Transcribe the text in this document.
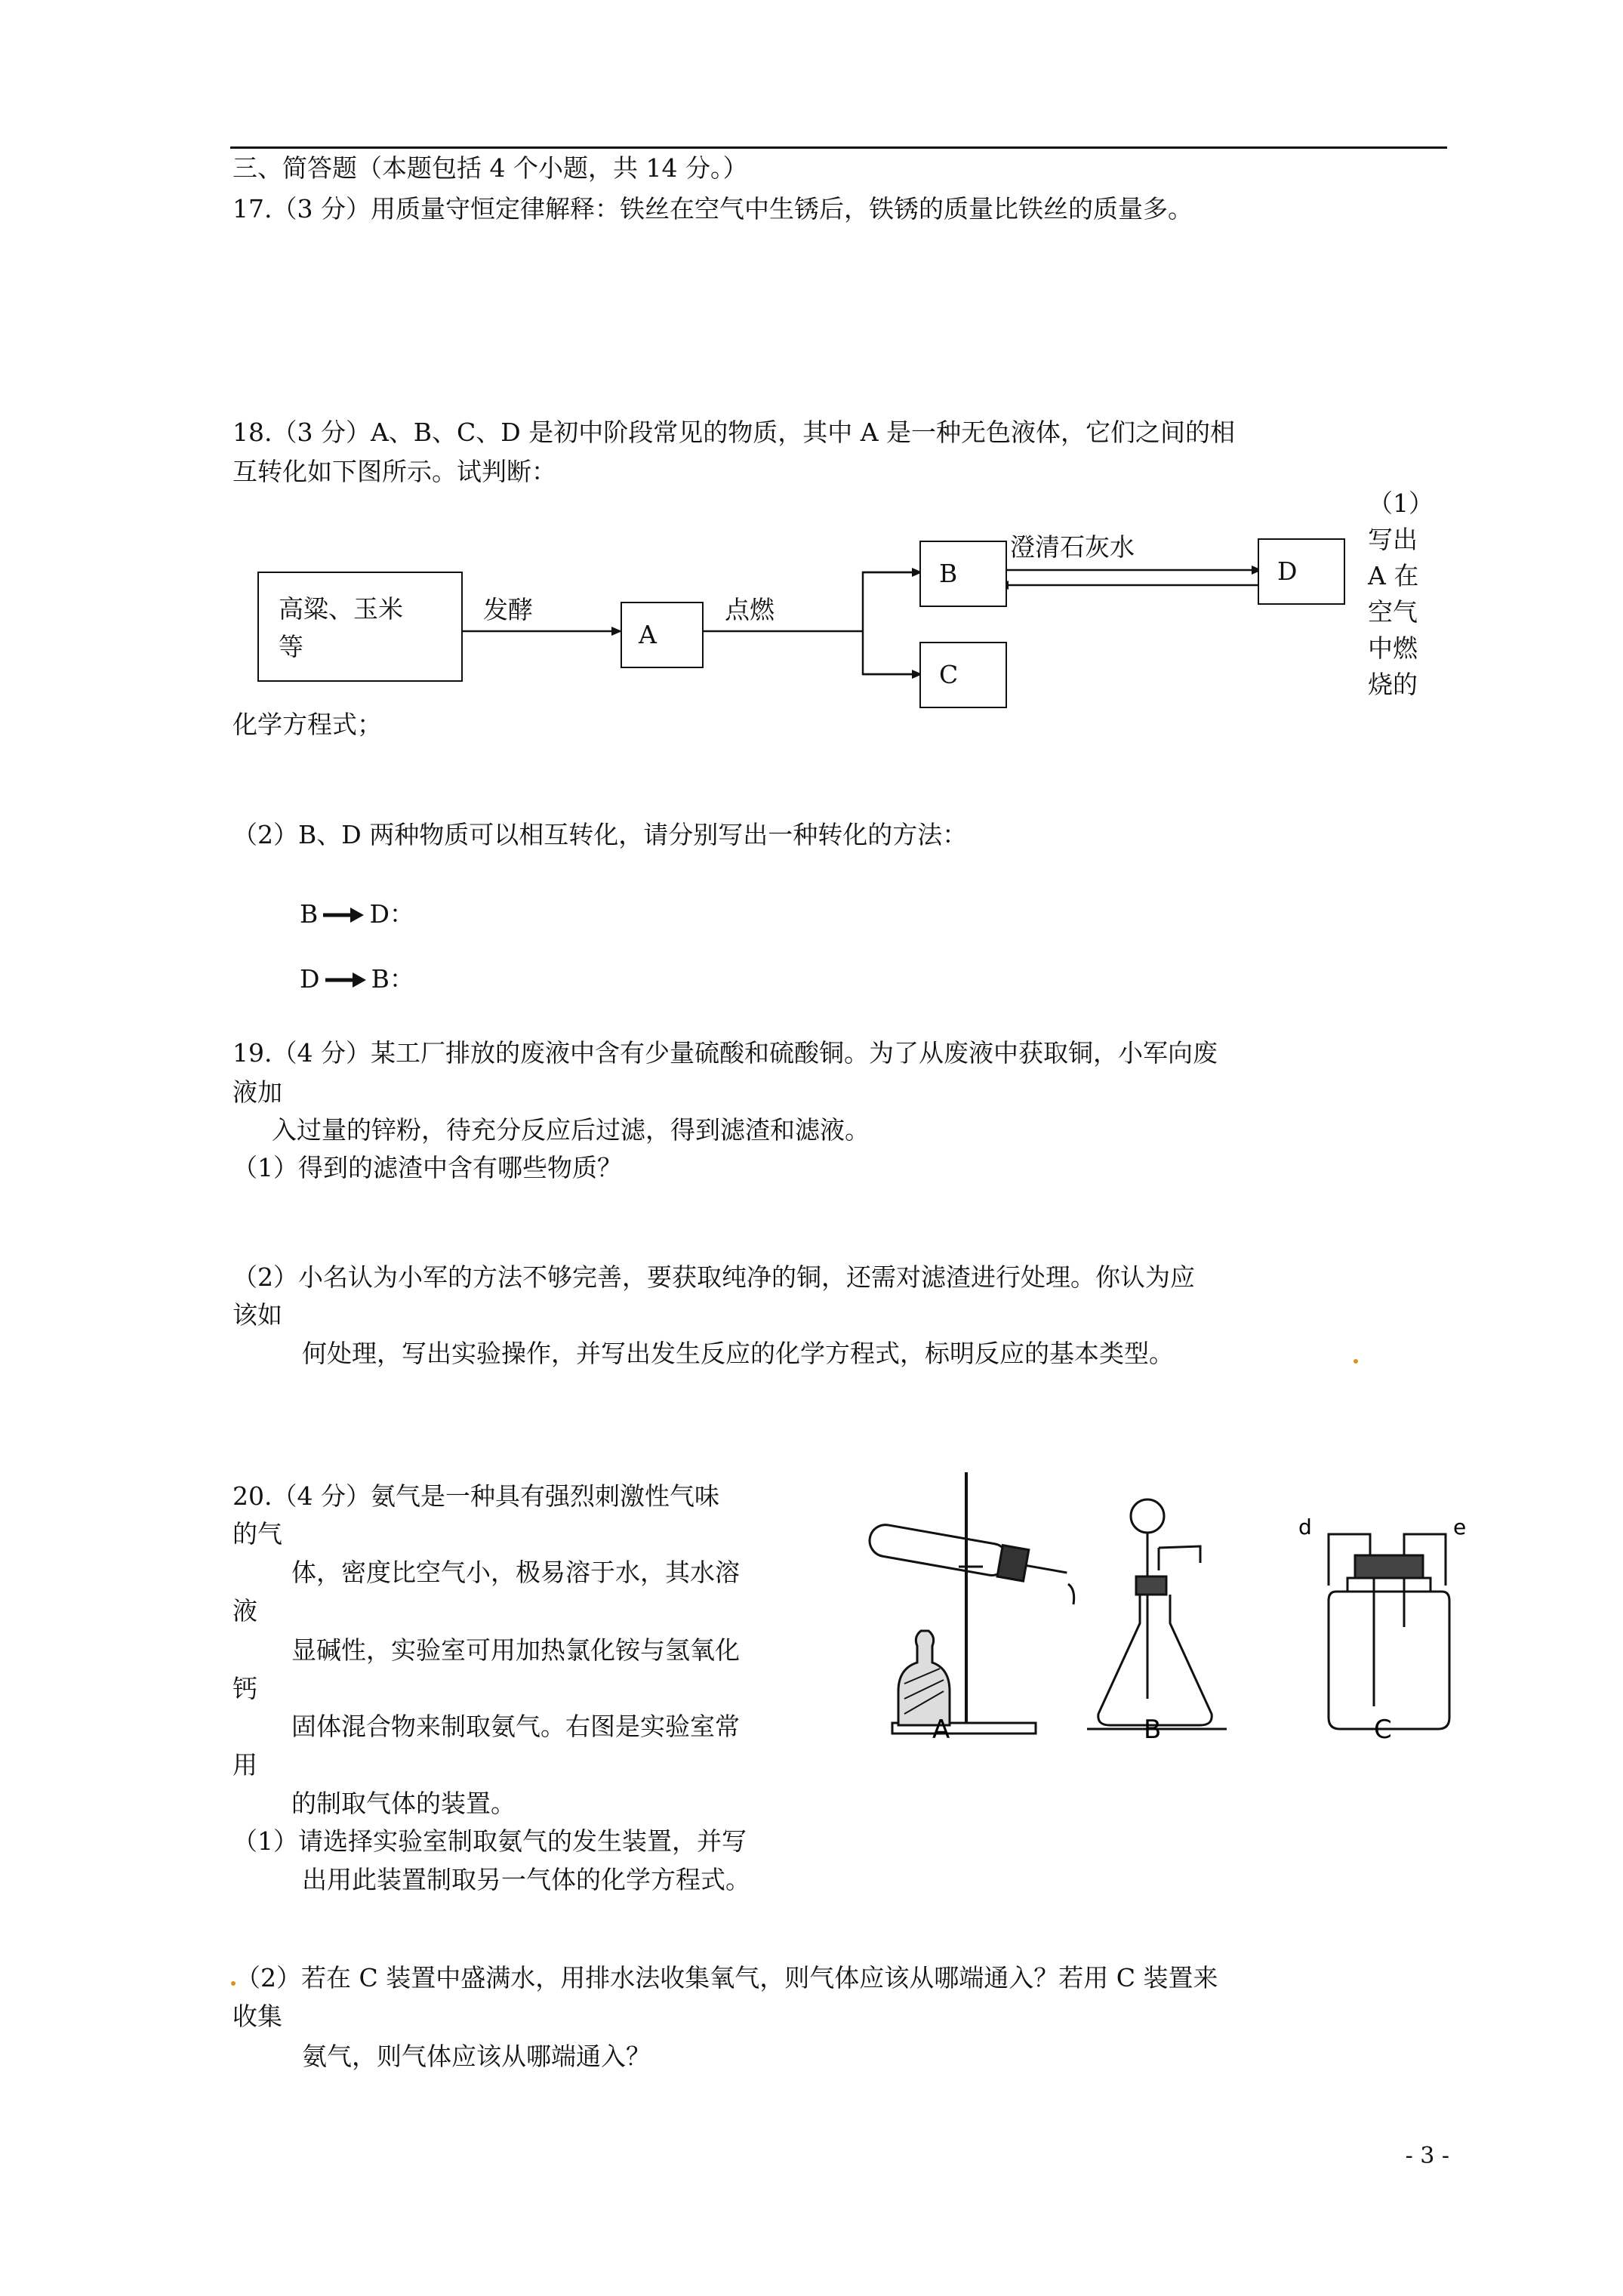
三、简答题（本题包括 4 个小题，共 14 分。）
17.（3 分）用质量守恒定律解释：铁丝在空气中生锈后，铁锈的质量比铁丝的质量多。
18.（3 分）A、B、C、D 是初中阶段常见的物质，其中 A 是一种无色液体，它们之间的相
互转化如下图所示。试判断：
（1）
写出
A 在
空气
中燃
烧的
高粱、玉米
等
发酵
A
点燃
B
C
澄清石灰水
D
化学方程式；
（2）B、D 两种物质可以相互转化，请分别写出一种转化的方法：
B D：
D B：
19.（4 分）某工厂排放的废液中含有少量硫酸和硫酸铜。为了从废液中获取铜，小军向废
液加
入过量的锌粉，待充分反应后过滤，得到滤渣和滤液。
（1）得到的滤渣中含有哪些物质？
（2）小名认为小军的方法不够完善，要获取纯净的铜，还需对滤渣进行处理。你认为应
该如
何处理，写出实验操作，并写出发生反应的化学方程式，标明反应的基本类型。
20.（4 分）氨气是一种具有强烈刺激性气味
的气
体，密度比空气小，极易溶于水，其水溶
液
显碱性，实验室可用加热氯化铵与氢氧化
钙
固体混合物来制取氨气。右图是实验室常
用
的制取气体的装置。
（1）请选择实验室制取氨气的发生装置，并写
出用此装置制取另一气体的化学方程式。
A	B	C
d	e
（2）若在 C 装置中盛满水，用排水法收集氧气，则气体应该从哪端通入？若用 C 装置来
收集
氨气，则气体应该从哪端通入？
- 3 -
